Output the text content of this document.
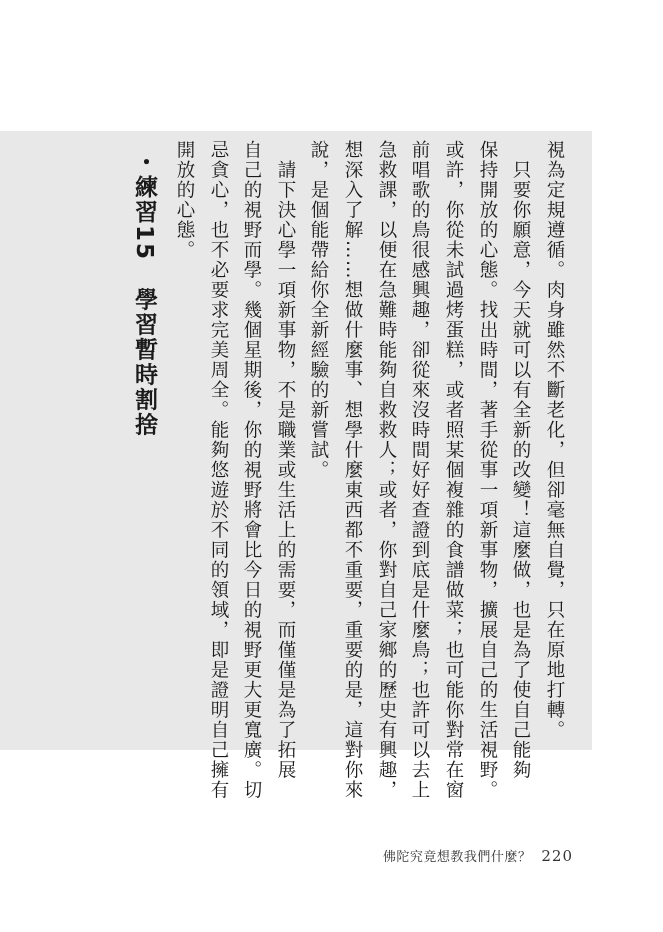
視為定規遵循。肉身雖然不斷老化，但卻毫無自覺，只在原地打轉。
　只要你願意，今天就可以有全新的改變！這麼做，也是為了使自己能夠
保持開放的心態。找出時間，著手從事一項新事物，擴展自己的生活視野。
或許，你從未試過烤蛋糕，或者照某個複雜的食譜做菜；也可能你對常在窗
前唱歌的鳥很感興趣，卻從來沒時間好好查證到底是什麼鳥；也許可以去上
急救課，以便在急難時能夠自救救人；或者，你對自己家鄉的歷史有興趣，
想深入了解……想做什麼事、想學什麼東西都不重要，重要的是，這對你來
說，是個能帶給你全新經驗的新嘗試。
　請下決心學一項新事物，不是職業或生活上的需要，而僅僅是為了拓展
自己的視野而學。幾個星期後，你的視野將會比今日的視野更大更寬廣。切
忌貪心，也不必要求完美周全。能夠悠遊於不同的領域，即是證明自己擁有
開放的心態。
・練習15學習暫時割捨
佛陀究竟想教我們什麼？ 220
